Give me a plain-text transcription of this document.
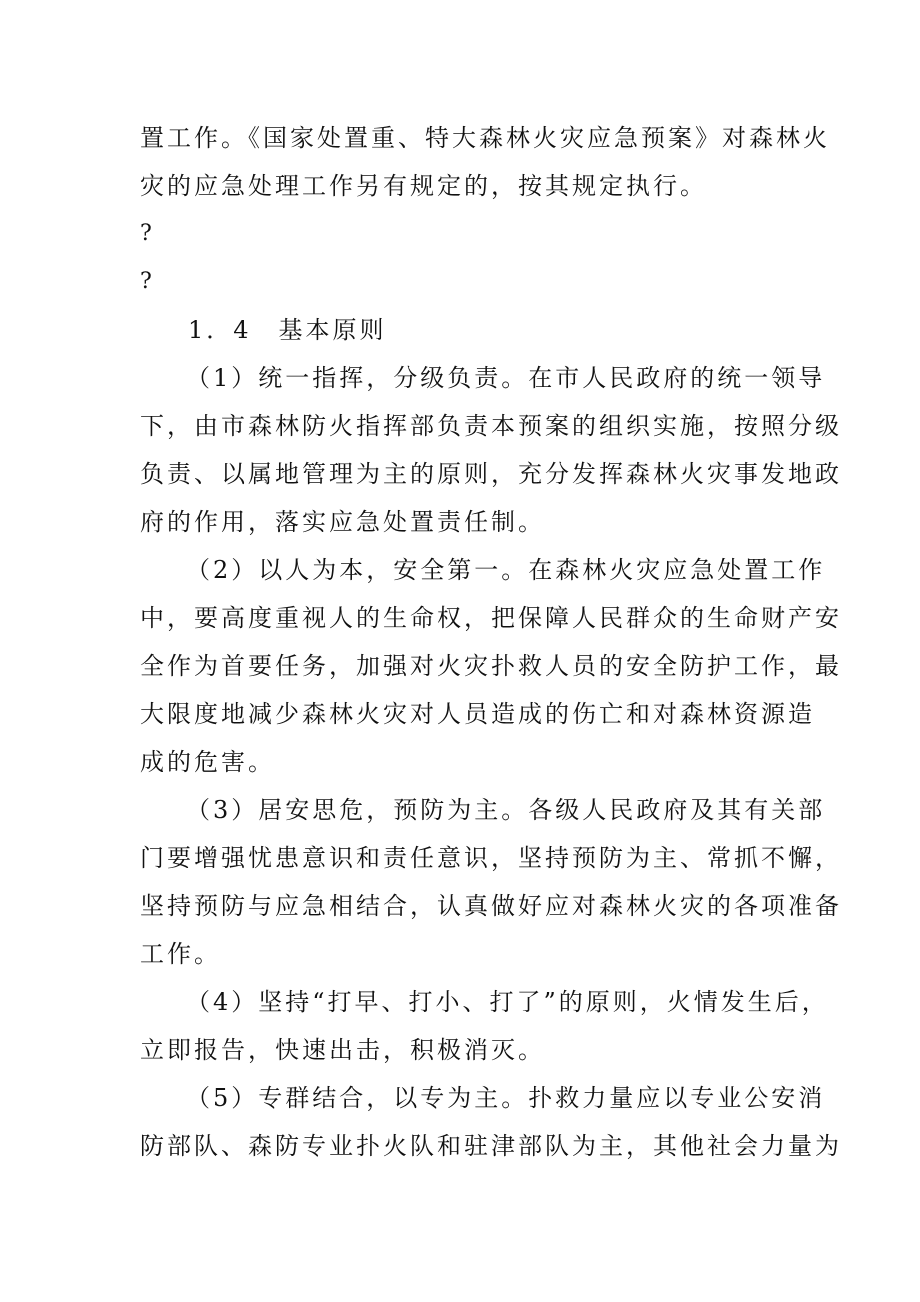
置工作。《国家处置重、特大森林火灾应急预案》对森林火
灾的应急处理工作另有规定的，按其规定执行。
?
?
1．4　基本原则
（1）统一指挥，分级负责。在市人民政府的统一领导
下，由市森林防火指挥部负责本预案的组织实施，按照分级
负责、以属地管理为主的原则，充分发挥森林火灾事发地政
府的作用，落实应急处置责任制。
（2）以人为本，安全第一。在森林火灾应急处置工作
中，要高度重视人的生命权，把保障人民群众的生命财产安
全作为首要任务，加强对火灾扑救人员的安全防护工作，最
大限度地减少森林火灾对人员造成的伤亡和对森林资源造
成的危害。
（3）居安思危，预防为主。各级人民政府及其有关部
门要增强忧患意识和责任意识，坚持预防为主、常抓不懈，
坚持预防与应急相结合，认真做好应对森林火灾的各项准备
工作。
（4）坚持“打早、打小、打了”的原则，火情发生后，
立即报告，快速出击，积极消灭。
（5）专群结合，以专为主。扑救力量应以专业公安消
防部队、森防专业扑火队和驻津部队为主，其他社会力量为
